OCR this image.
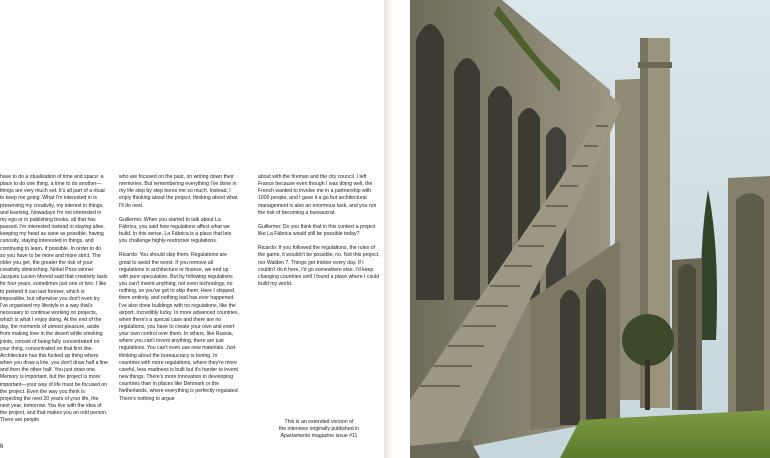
have to do a ritualisation of time and space: a place to do one thing, a time to do another—things are very much set. It's all part of a ritual to keep me going. What I'm interested in is preserving my creativity, my interest in things, and learning. Nowadays I'm not interested in my ego or in publishing books, all that has passed. I'm interested instead in staying alive, keeping my head as sane as possible, having curiosity, staying interested in things, and continuing to learn, if possible. In order to do so you have to be more and more strict. The older you get, the greater the risk of your creativity diminishing. Nobel Prize winner Jacques Lucien Monod said that creativity lasts for four years, sometimes just one or two. I like to pretend it can last forever, which is impossible, but otherwise you don't even try. I've organised my lifestyle in a way that's necessary to continue working on projects, which is what I enjoy doing. At the end of the day, the moments of utmost pleasure, aside from making love in the desert while smoking joints, consist of being fully concentrated on your thing, concentrated on that first line. Architecture has this fucked up thing where when you draw a line, you don't draw half a line and then the other half. You just draw one. Memory is important, but the project is more important—your way of life must be focused on the project. Even the way you think is projecting the next 20 years of your life, the next year, tomorrow. You live with the idea of the project, and that makes you an odd person. There are people

who are focused on the past, on writing down their memories. But remembering everything I've done in my life step by step bores me so much. Instead, I enjoy thinking about the project, thinking about what I'll do next.

Guillermo: When you started to talk about La Fábrica, you said how regulations affect what we build. In this sense, La Fábrica is a place that lets you challenge highly-restrictive regulations.

Ricardo: You should skip them. Regulations are great to avoid the worst. If you remove all regulations in architecture or finance, we end up with pure speculation. But by following regulations you can't invent anything, not even technology, no nothing, so you've got to skip them. Here I skipped them entirely, and nothing bad has ever happened. I've also done buildings with no regulations, like the airport. Incredibly lucky. In more advanced countries, when there's a special case and there are no regulations, you have to create your own and exert your own control over them. In others, like Russia, where you can't invent anything, there are just regulations. You can't even use new materials. Just thinking about the bureaucracy is boring. In countries with more regulations, where they're more careful, less madness is built but it's harder to invent new things. There's more innovation in developing countries than in places like Denmark or the Netherlands, where everything is perfectly regulated. There's nothing to argue

about with the fireman and the city council. I left France because even though I was doing well, the French wanted to involve me in a partnership with 1000 people, and I gave it a go but architectural management is also an enormous task, and you run the risk of becoming a bureaucrat.

Guillermo: Do you think that in this context a project like La Fábrica would still be possible today?

Ricardo: If you followed the regulations, the rules of the game, it wouldn't be possible, no. Not this project, nor Walden 7. Things get trickier every day. If I couldn't do it here, I'd go somewhere else. I'd keep changing countries until I found a place where I could build my world.

This is an extended version of
the interview originally published in
Apartamento magazine issue #11
6
